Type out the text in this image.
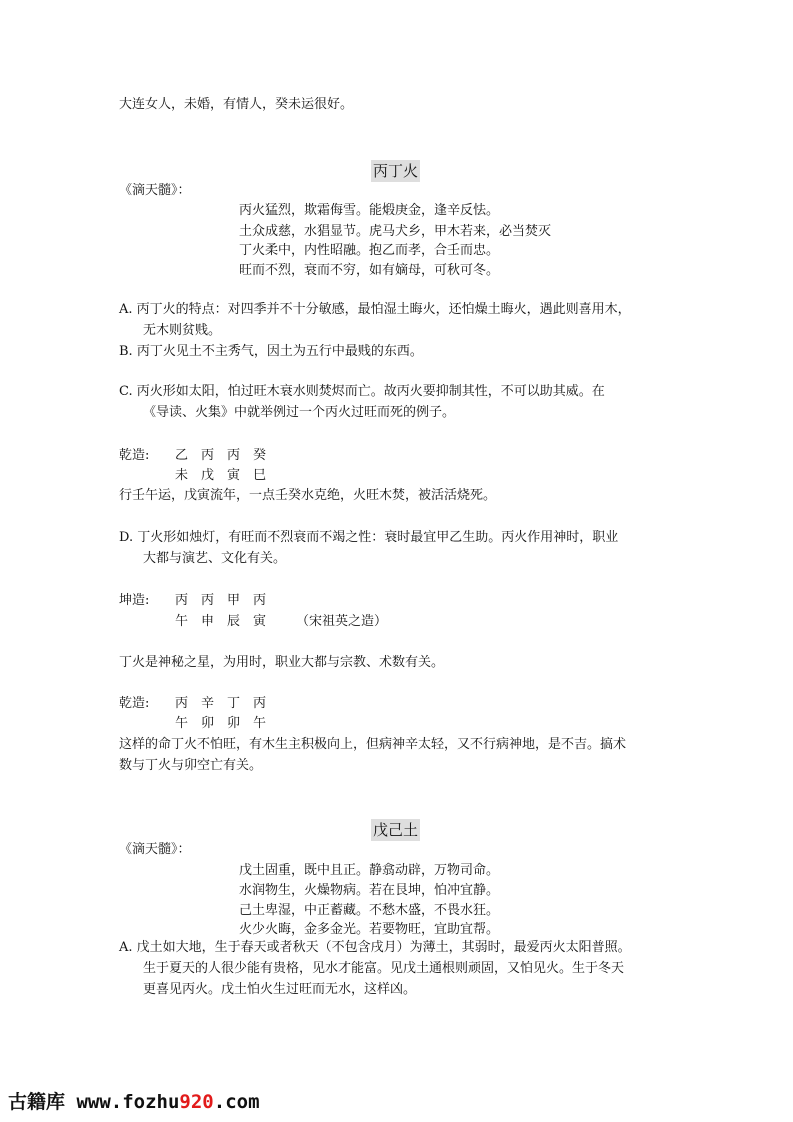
大连女人，未婚，有情人，癸未运很好。
丙丁火
《滴天髓》：
丙火猛烈，欺霜侮雪。能煅庚金，逢辛反怯。
土众成慈，水猖显节。虎马犬乡，甲木若来，必当焚灭
丁火柔中，内性昭融。抱乙而孝，合壬而忠。
旺而不烈，衰而不穷，如有嫡母，可秋可冬。
A. 丙丁火的特点：对四季并不十分敏感，最怕湿土晦火，还怕燥土晦火，遇此则喜用木，
无木则贫贱。
B. 丙丁火见土不主秀气，因土为五行中最贱的东西。
C. 丙火形如太阳，怕过旺木衰水则焚烬而亡。故丙火要抑制其性，不可以助其威。在
《导读、火集》中就举例过一个丙火过旺而死的例子。
乾造: 乙 丙 丙 癸
未 戊 寅 巳
行壬午运，戊寅流年，一点壬癸水克绝，火旺木焚，被活活烧死。
D. 丁火形如烛灯，有旺而不烈衰而不竭之性：衰时最宜甲乙生助。丙火作用神时，职业
大都与演艺、文化有关。
坤造: 丙 丙 甲 丙
午 申 辰 寅	（宋祖英之造）
丁火是神秘之星，为用时，职业大都与宗教、术数有关。
乾造: 丙 辛 丁 丙
午 卯 卯 午
这样的命丁火不怕旺，有木生主积极向上，但病神辛太轻，又不行病神地，是不吉。搞术
数与丁火与卯空亡有关。
戊己土
《滴天髓》：
戊土固重，既中且正。静翕动辟，万物司命。
水润物生，火燥物病。若在艮坤，怕冲宜静。
己土卑湿，中正蓄藏。不愁木盛，不畏水狂。
火少火晦，金多金光。若要物旺，宜助宜帮。
A. 戊土如大地，生于春天或者秋天（不包含戌月）为薄土，其弱时，最爱丙火太阳普照。
生于夏天的人很少能有贵格，见水才能富。见戊土通根则顽固，又怕见火。生于冬天
更喜见丙火。戊土怕火生过旺而无水，这样凶。
古籍库 www.fozhu920.com
